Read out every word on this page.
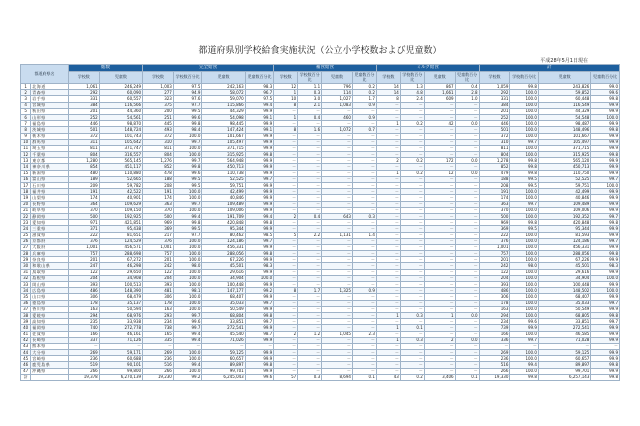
都道府県別学校給食実施状況（公立小学校数および児童数）
平成28年5月1日現在
都道府県名		総数		完全給食				補食給食				ミルク給食				計			
		学校数	児童数	学校数	学校数百分比	児童数	児童数百分比	学校数	学校数百分比	児童数	児童数百分比	学校数	学校数百分比	児童数	児童数百分比	学校数	学校数百分比	児童数	児童数百分比
1	北海道	1,061	246,249	1,003	97.5	242,163	98.3	12	1.1	796	0.2	14	1.3	867	0.4	1,059	99.8	243,826	99.0
2	青森県	292	60,090	277	94.9	58,072	96.7	1	0.3	114	0.2	14	4.8	1,661	2.8	292	100.0	59,852	99.6
3	岩手県	331	60,557	323	97.6	59,070	97.5	10	3.0	1,027	1.7	8	2.4	609	1.0	331	100.0	60,448	99.8
4	宮城県	384	116,566	375	97.7	115,866	99.4	8	2.1	1,083	0.9	－	－	－	－	384	100.0	116,549	99.9
5	秋田県	201	44,360	200	99.5	44,329	99.9	－	－	－	－	－	－	－	－	201	100.0	44,329	99.9
6	山形県	252	54,561	251	99.6	54,098	99.1	1	0.4	460	0.9	－	－	－	－	252	100.0	54,548	100.0
7	福島県	446	98,870	445	99.8	98,445	99.9	－	－	－	－	1	0.2	42	0.0	446	100.0	98,487	99.9
8	茨城県	501	148,724	493	98.4	147,424	99.1	8	1.6	1,072	0.7	－	－	－	－	501	100.0	148,496	99.8
9	栃木県	372	101,743	372	100.0	101,667	99.9	－	－	－	－	－	－	－	－	372	100.0	101,667	99.9
10	群馬県	311	105,642	310	99.7	105,497	99.9	－	－	－	－	－	－	－	－	310	99.7	105,497	99.9
11	埼玉県	811	371,747	811	100.0	371,715	99.9	－	－	－	－	－	－	－	－	811	100.0	371,715	99.9
12	千葉県	804	316,557	804	100.0	315,925	99.8	－	－	－	－	－	－	－	－	804	100.0	315,925	99.8
13	東京都	1,280	565,145	1,276	99.7	564,948	99.9	－	－	－	－	2	0.2	172	0.0	1,278	99.8	565,120	99.9
14	神奈川県	854	451,117	852	99.8	450,713	99.9	－	－	－	－	－	－	－	－	852	99.8	450,713	99.9
15	新潟県	480	110,880	478	99.6	110,738	99.9	－	－	－	－	1	0.2	12	0.0	479	99.8	110,750	99.9
16	富山県	189	52,665	188	99.5	52,525	99.7	－	－	－	－	－	－	－	－	188	99.5	52,525	99.7
17	石川県	209	59,782	208	99.5	59,751	99.9	－	－	－	－	－	－	－	－	208	99.5	59,751	100.0
18	福井県	191	42,522	191	100.0	42,499	99.9	－	－	－	－	－	－	－	－	191	100.0	42,499	99.9
19	山梨県	174	40,901	174	100.0	40,846	99.9	－	－	－	－	－	－	－	－	174	100.0	40,846	99.9
20	長野県	364	109,629	363	99.7	109,489	99.9	－	－	－	－	－	－	－	－	363	99.7	109,489	99.9
21	岐阜県	370	109,150	370	100.0	109,006	99.9	－	－	－	－	－	－	－	－	370	100.0	109,006	99.9
22	静岡県	500	192,925	500	99.4	191,709	99.4	2	0.4	643	0.3	－	－	－	－	500	100.0	192,352	99.7
23	愛知県	971	421,851	969	99.8	420,848	99.8	－	－	－	－	－	－	－	－	969	99.8	420,848	99.8
24	三重県	371	95,438	369	99.5	95,344	99.9	－	－	－	－	－	－	－	－	369	99.5	95,344	99.9
25	滋賀県	222	81,651	217	97.7	80,462	98.5	5	2.2	1,131	1.4	－	－	－	－	222	100.0	81,593	99.9
26	京都府	376	124,529	376	100.0	124,186	99.7	－	－	－	－	－	－	－	－	376	100.0	124,186	99.7
27	大阪府	1,001	456,571	1,001	100.0	456,331	99.9	－	－	－	－	－	－	－	－	1,001	100.0	456,331	99.9
28	兵庫県	757	288,698	757	100.0	288,056	99.8	－	－	－	－	－	－	－	－	757	100.0	288,056	99.8
29	奈良県	201	67,272	201	100.0	67,226	99.9	－	－	－	－	－	－	－	－	201	100.0	67,226	99.9
30	和歌山県	247	46,298	242	98.0	45,501	98.3	－	－	－	－	－	－	－	－	242	98.0	45,501	98.3
31	鳥取県	122	29,650	122	100.0	29,616	99.9	－	－	－	－	－	－	－	－	122	100.0	29,616	99.9
32	島根県	204	34,908	204	100.0	34,904	100.0	－	－	－	－	－	－	－	－	204	100.0	34,904	100.0
33	岡山県	393	100,513	393	100.0	100,448	99.9	－	－	－	－	－	－	－	－	393	100.0	100,448	99.9
34	広島県	486	148,390	481	98.1	147,177	99.2	8	1.7	1,325	0.9	－	－	－	－	486	100.0	148,502	100.0
35	山口県	306	68,479	306	100.0	68,407	99.9	－	－	－	－	－	－	－	－	306	100.0	68,407	99.9
36	徳島県	178	35,137	178	100.0	35,033	99.7	－	－	－	－	－	－	－	－	178	100.0	35,033	99.7
37	香川県	163	50,594	163	100.0	50,549	99.9	－	－	－	－	－	－	－	－	163	100.0	50,549	99.9
38	愛媛県	294	68,976	293	99.7	68,804	99.8	－	－	－	－	1	0.3	1	0.0	294	100.0	68,805	99.8
39	高知県	235	33,938	234	99.6	33,851	99.7	－	－	－	－	－	－	－	－	234	99.6	33,851	99.7
40	福岡県	740	272,778	738	99.7	272,541	99.9	－	－	－	－	1	0.1	－	－	739	99.9	272,541	99.9
41	佐賀県	166	46,161	165	99.4	45,540	98.7	2	1.2	1,045	2.3	－	－	－	－	166	100.0	46,585	99.9
42	長崎県	337	71,126	335	99.4	71,026	99.9	－	－	－	－	1	0.3	2	0.0	336	99.7	71,028	99.9
43	熊本県	－	－	－	－	－	－	－	－	－	－	－	－	－	－	－	－	－	－
44	大分県	269	59,171	269	100.0	59,125	99.9	－	－	－	－	－	－	－	－	269	100.0	59,125	99.9
45	宮崎県	236	60,688	236	100.0	60,657	99.9	－	－	－	－	－	－	－	－	236	100.0	60,657	99.9
46	鹿児島県	519	90,101	516	99.4	89,897	99.8	－	－	－	－	－	－	－	－	516	99.4	89,897	99.8
47	沖縄県	266	99,800	266	100.0	99,701	99.9	－	－	－	－	－	－	－	－	266	100.0	99,701	99.9
計		19,378	6,270,139	19,230	99.2	6,245,043	99.6	57	0.3	8,694	0.1	43	0.2	3,406	0.1	19,330	99.8	6,257,143	99.8
